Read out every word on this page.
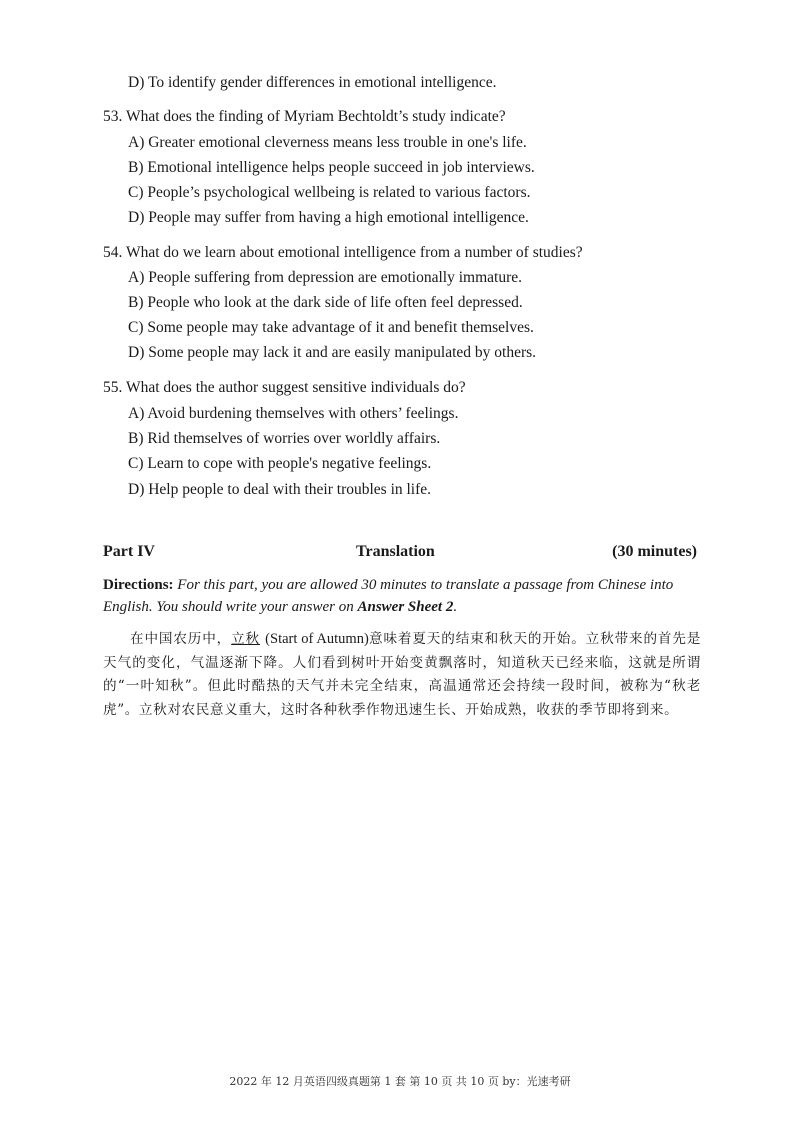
D) To identify gender differences in emotional intelligence.
53. What does the finding of Myriam Bechtoldt’s study indicate?
A) Greater emotional cleverness means less trouble in one's life.
B) Emotional intelligence helps people succeed in job interviews.
C) People’s psychological wellbeing is related to various factors.
D) People may suffer from having a high emotional intelligence.
54. What do we learn about emotional intelligence from a number of studies?
A) People suffering from depression are emotionally immature.
B) People who look at the dark side of life often feel depressed.
C) Some people may take advantage of it and benefit themselves.
D) Some people may lack it and are easily manipulated by others.
55. What does the author suggest sensitive individuals do?
A) Avoid burdening themselves with others’ feelings.
B) Rid themselves of worries over worldly affairs.
C) Learn to cope with people's negative feelings.
D) Help people to deal with their troubles in life.
Part IV	Translation	(30 minutes)
Directions: For this part, you are allowed 30 minutes to translate a passage from Chinese into English. You should write your answer on Answer Sheet 2.
在中国农历中，立秋 (Start of Autumn)意味着夏天的结束和秋天的开始。立秋带来的首先是天气的变化，气温逐渐下降。人们看到树叶开始变黄飘落时，知道秋天已经来临，这就是所谓的“一叶知秋”。但此时酷热的天气并未完全结束，高温通常还会持续一段时间，被称为“秋老虎”。立秋对农民意义重大，这时各种秋季作物迅速生长、开始成熟，收获的季节即将到来。
2022 年 12 月英语四级真题第 1 套 第 10 页 共 10 页 by：光速考研
